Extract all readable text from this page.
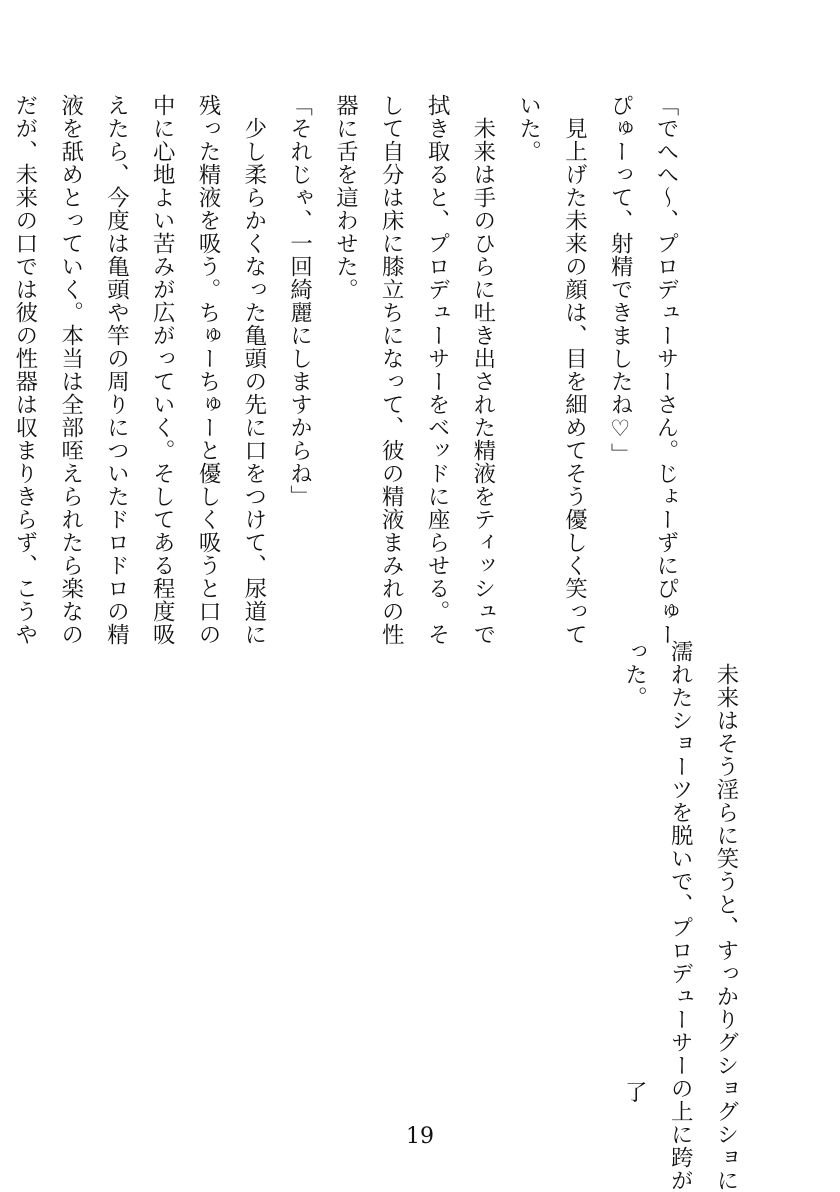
「でへへ〜、プロデューサーさん。じょーずにぴゅー
ぴゅーって、射精できましたね♡」
　見上げた未来の顔は、目を細めてそう優しく笑って
いた。
　未来は手のひらに吐き出された精液をティッシュで
拭き取ると、プロデューサーをベッドに座らせる。そ
して自分は床に膝立ちになって、彼の精液まみれの性
器に舌を這わせた。
「それじゃ、一回綺麗にしますからね」
　少し柔らかくなった亀頭の先に口をつけて、尿道に
残った精液を吸う。ちゅーちゅーと優しく吸うと口の
中に心地よい苦みが広がっていく。そしてある程度吸
えたら、今度は亀頭や竿の周りについたドロドロの精
液を舐めとっていく。本当は全部咥えられたら楽なの
だが、未来の口では彼の性器は収まりきらず、こうや

　未来はそう淫らに笑うと、すっかりグショグショに
濡れたショーツを脱いで、プロデューサーの上に跨が
った。

了

19
